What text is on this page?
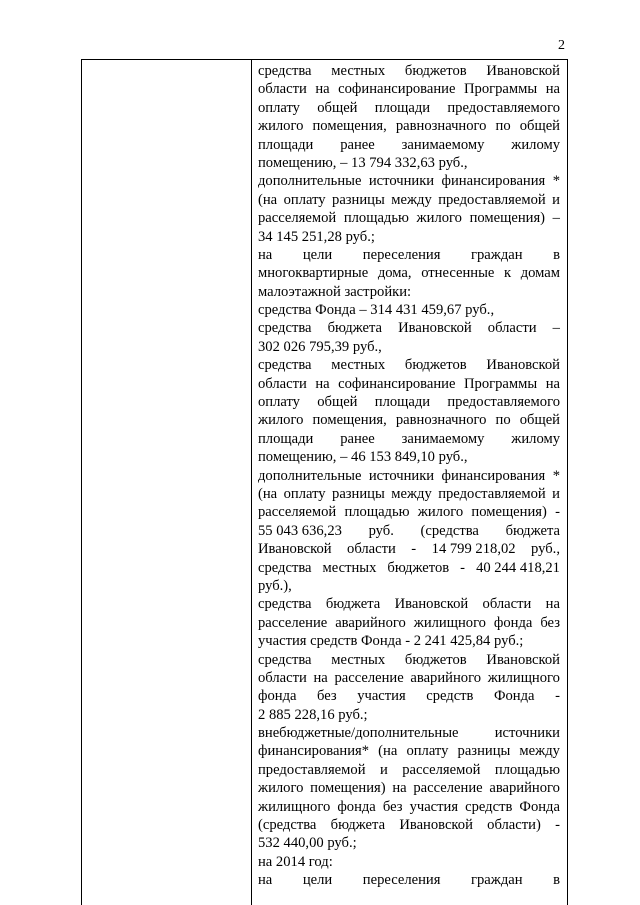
2
средства местных бюджетов Ивановской
области на софинансирование Программы на
оплату общей площади предоставляемого
жилого помещения, равнозначного по общей
площади ранее занимаемому жилому
помещению, – 13 794 332,63 руб.,
дополнительные источники финансирования *
(на оплату разницы между предоставляемой и
расселяемой площадью жилого помещения) –
34 145 251,28 руб.;
на цели переселения граждан в
многоквартирные дома, отнесенные к домам
малоэтажной застройки:
средства Фонда – 314 431 459,67 руб.,
средства бюджета Ивановской области –
302 026 795,39 руб.,
средства местных бюджетов Ивановской
области на софинансирование Программы на
оплату общей площади предоставляемого
жилого помещения, равнозначного по общей
площади ранее занимаемому жилому
помещению, – 46 153 849,10 руб.,
дополнительные источники финансирования *
(на оплату разницы между предоставляемой и
расселяемой площадью жилого помещения) -
55 043 636,23 руб. (средства бюджета
Ивановской области - 14 799 218,02 руб.,
средства местных бюджетов - 40 244 418,21
руб.),
средства бюджета Ивановской области на
расселение аварийного жилищного фонда без
участия средств Фонда - 2 241 425,84 руб.;
средства местных бюджетов Ивановской
области на расселение аварийного жилищного
фонда без участия средств Фонда -
2 885 228,16 руб.;
внебюджетные/дополнительные источники
финансирования* (на оплату разницы между
предоставляемой и расселяемой площадью
жилого помещения) на расселение аварийного
жилищного фонда без участия средств Фонда
(средства бюджета Ивановской области) -
532 440,00 руб.;
на 2014 год:
на цели переселения граждан в
